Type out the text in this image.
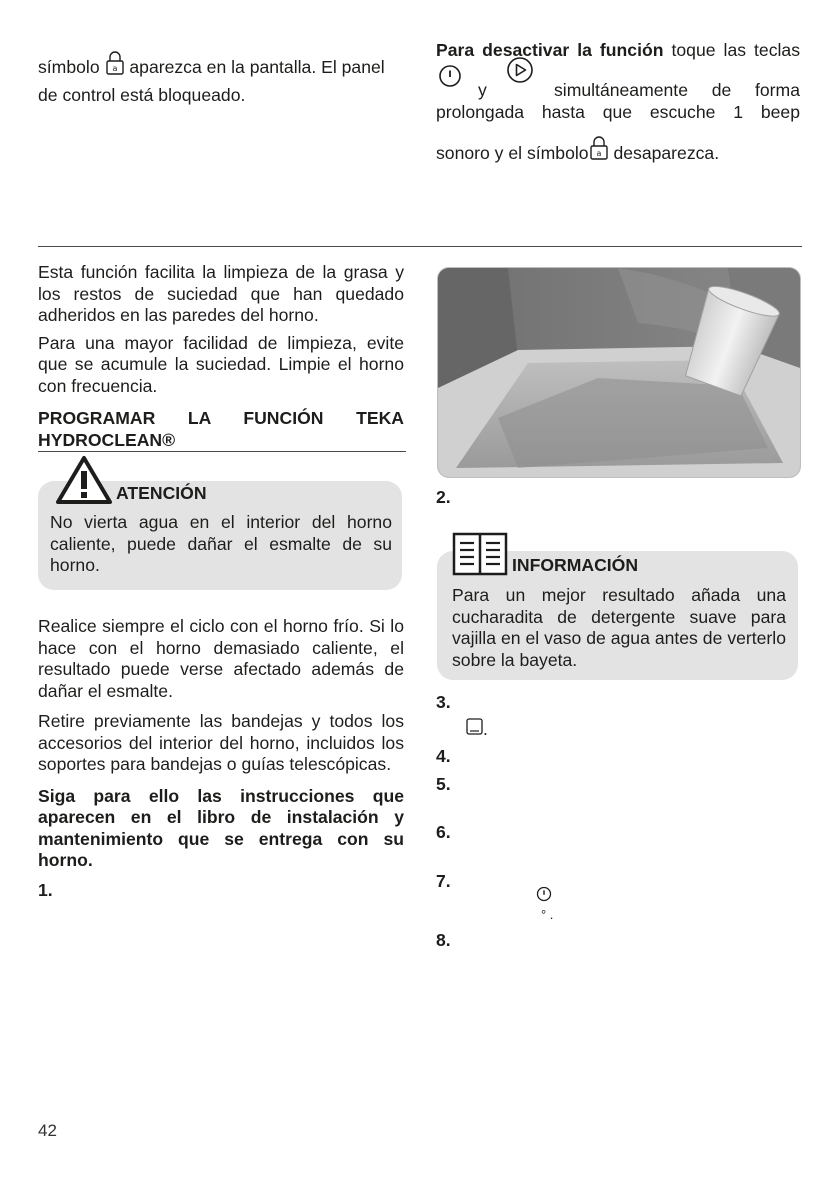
símbolo a aparezca en la pantalla. El panel
de control está bloqueado.
Para desactivar la función toque las teclas
y	simultáneamente de forma
prolongada hasta que escuche 1 beep
sonoro y el símbolo a desaparezca.

Esta función facilita la limpieza de la grasa y los restos de suciedad que han quedado adheridos en las paredes del horno.

Para una mayor facilidad de limpieza, evite que se acumule la suciedad. Limpie el horno con frecuencia.

PROGRAMAR LA FUNCIÓN TEKA HYDROCLEAN®

No vierta agua en el interior del horno caliente, puede dañar el esmalte de su horno.
ATENCIÓN

Realice siempre el ciclo con el horno frío. Si lo hace con el horno demasiado caliente, el resultado puede verse afectado además de dañar el esmalte.

Retire previamente las bandejas y todos los accesorios del interior del horno, incluidos los soportes para bandejas o guías telescópicas.

Siga para ello las instrucciones que aparecen en el libro de instalación y mantenimiento que se entrega con su horno.

1.
2.
Para un mejor resultado añada una cucharadita de detergente suave para vajilla en el vaso de agua antes de verterlo sobre la bayeta.
INFORMACIÓN
3.
.
4.
5.
6.
7.
° .
8.
42
